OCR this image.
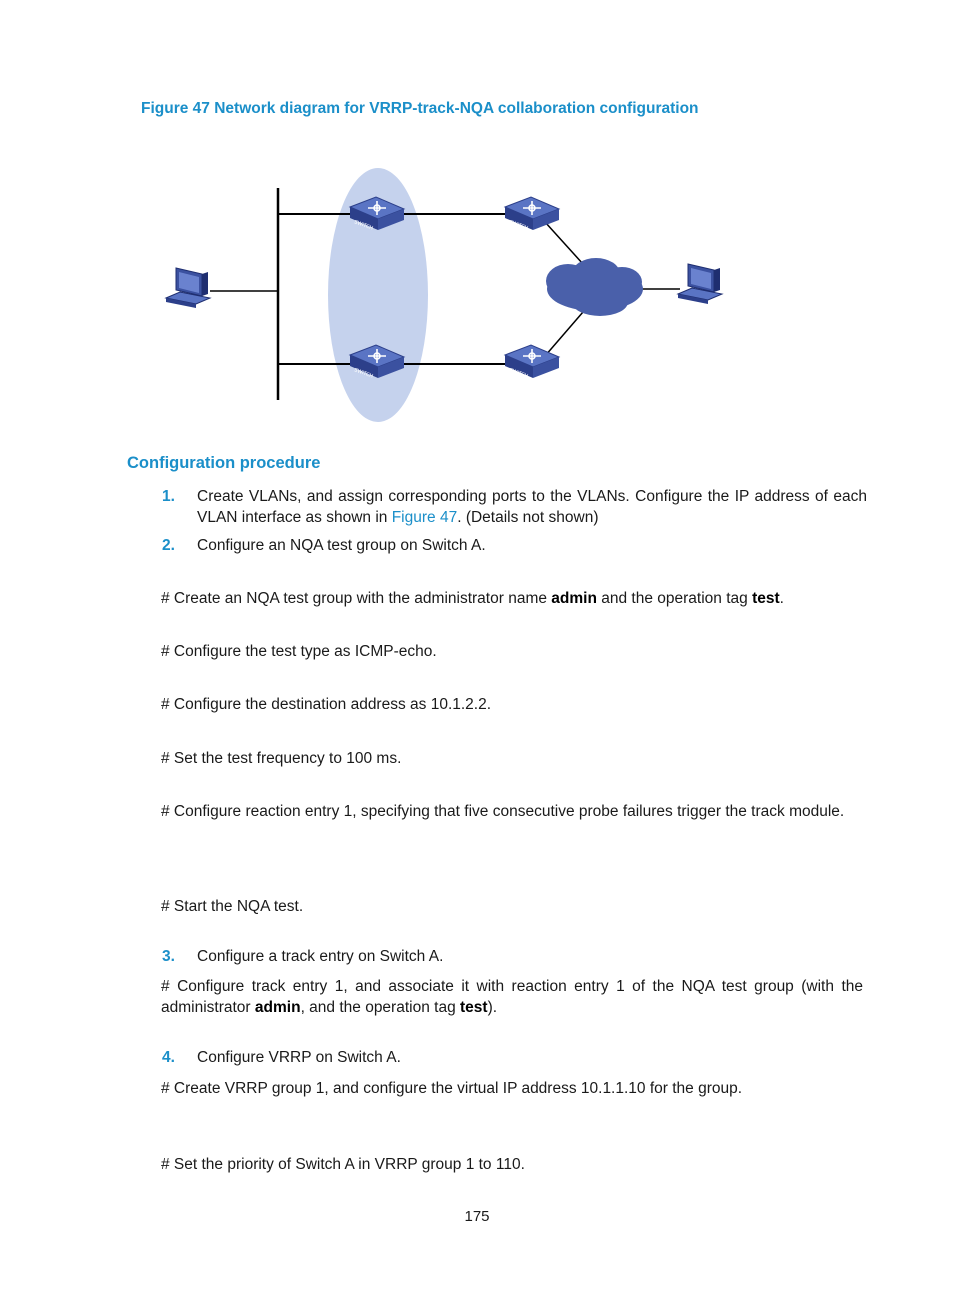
Figure 47 Network diagram for VRRP-track-NQA collaboration configuration
SWITCH
Configuration procedure
1. Create VLANs, and assign corresponding ports to the VLANs. Configure the IP address of each VLAN interface as shown in Figure 47. (Details not shown)
2. Configure an NQA test group on Switch A.
# Create an NQA test group with the administrator name admin and the operation tag test.
# Configure the test type as ICMP-echo.
# Configure the destination address as 10.1.2.2.
# Set the test frequency to 100 ms.
# Configure reaction entry 1, specifying that five consecutive probe failures trigger the track module.
# Start the NQA test.
3. Configure a track entry on Switch A.
# Configure track entry 1, and associate it with reaction entry 1 of the NQA test group (with the administrator admin, and the operation tag test).
4. Configure VRRP on Switch A.
# Create VRRP group 1, and configure the virtual IP address 10.1.1.10 for the group.
# Set the priority of Switch A in VRRP group 1 to 110.
175
